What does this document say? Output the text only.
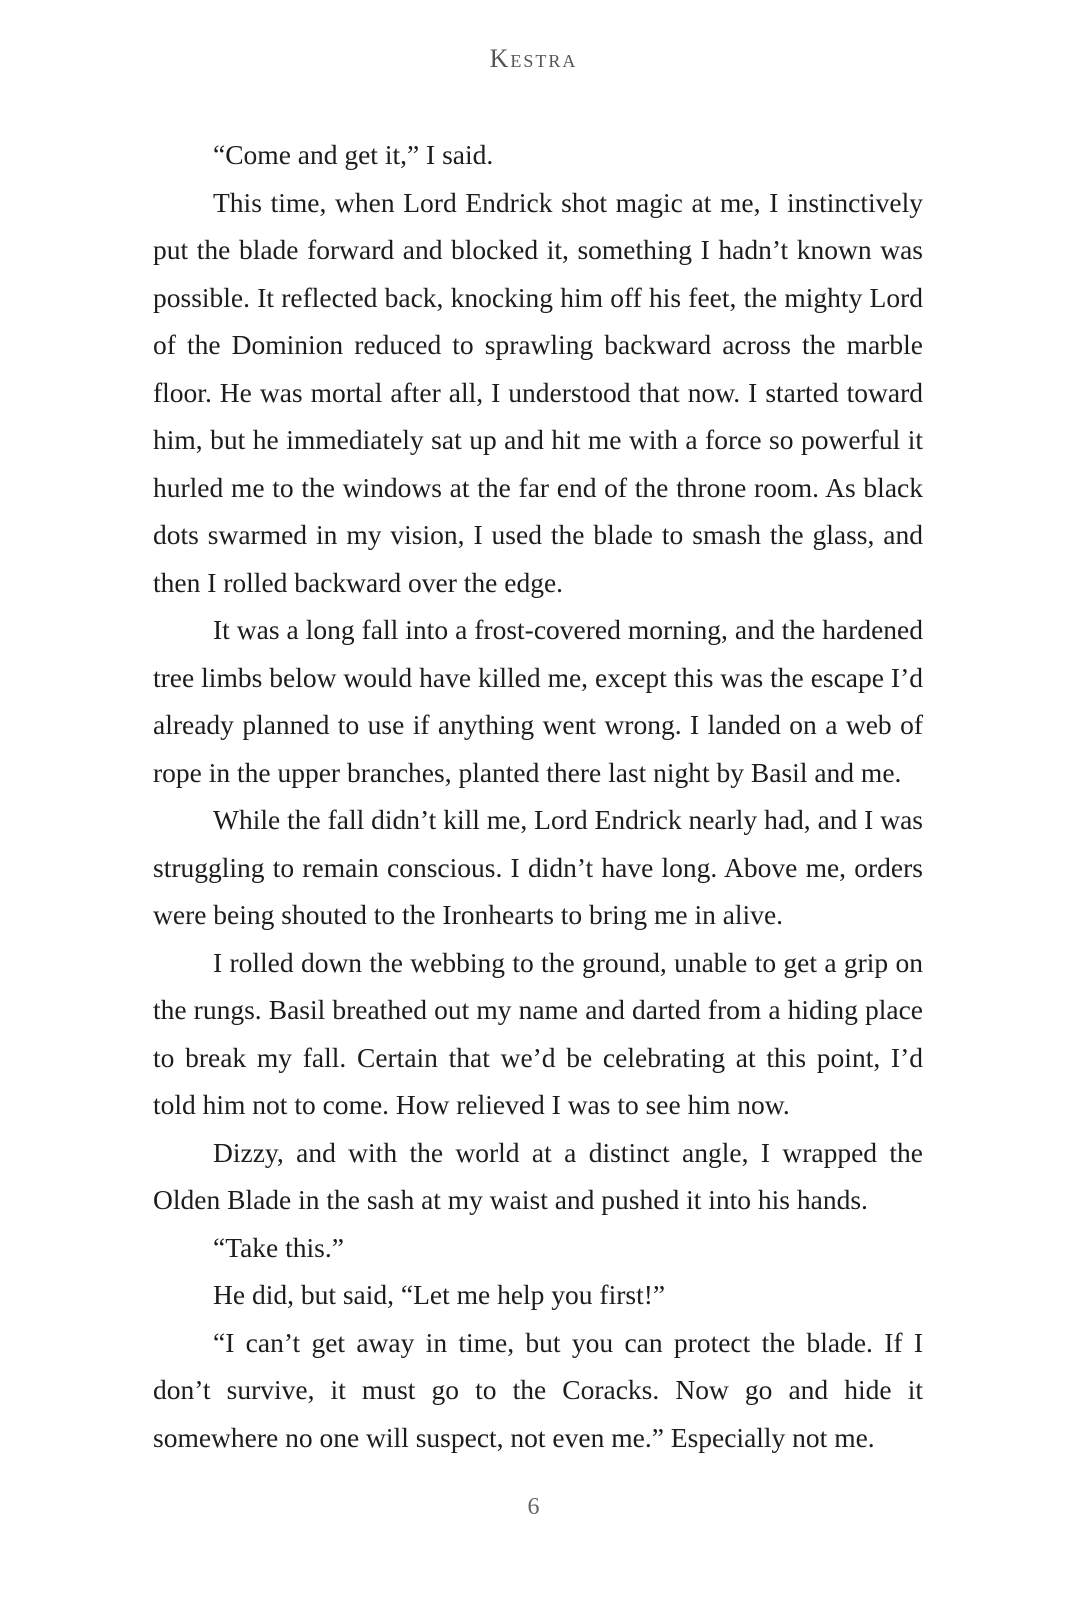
Kestra

“Come and get it,” I said.

This time, when Lord Endrick shot magic at me, I instinctively put the blade forward and blocked it, something I hadn’t known was possible. It reflected back, knocking him off his feet, the mighty Lord of the Dominion reduced to sprawling backward across the marble floor. He was mortal after all, I understood that now. I started toward him, but he immediately sat up and hit me with a force so powerful it hurled me to the windows at the far end of the throne room. As black dots swarmed in my vision, I used the blade to smash the glass, and then I rolled backward over the edge.

It was a long fall into a frost-covered morning, and the hardened tree limbs below would have killed me, except this was the escape I’d already planned to use if anything went wrong. I landed on a web of rope in the upper branches, planted there last night by Basil and me.

While the fall didn’t kill me, Lord Endrick nearly had, and I was struggling to remain conscious. I didn’t have long. Above me, orders were being shouted to the Ironhearts to bring me in alive.

I rolled down the webbing to the ground, unable to get a grip on the rungs. Basil breathed out my name and darted from a hiding place to break my fall. Certain that we’d be celebrating at this point, I’d told him not to come. How relieved I was to see him now.

Dizzy, and with the world at a distinct angle, I wrapped the Olden Blade in the sash at my waist and pushed it into his hands.

“Take this.”

He did, but said, “Let me help you first!”

“I can’t get away in time, but you can protect the blade. If I don’t survive, it must go to the Coracks. Now go and hide it somewhere no one will suspect, not even me.” Especially not me.

6
